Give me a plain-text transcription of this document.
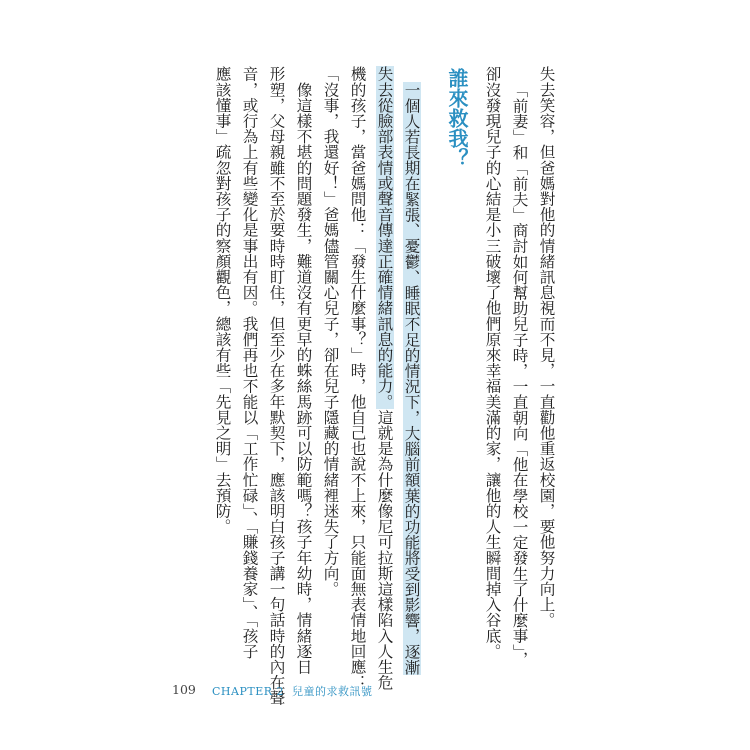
失去笑容，但爸媽對他的情緒訊息視而不見，一直勸他重返校園，要他努力向上。
「前妻」和「前夫」商討如何幫助兒子時，一直朝向「他在學校一定發生了什麼事」，
卻沒發現兒子的心結是小三破壞了他們原來幸福美滿的家，讓他的人生瞬間掉入谷底。
誰來救我？
一個人若長期在緊張、憂鬱、睡眠不足的情況下，大腦前額葉的功能將受到影響，逐漸
失去從臉部表情或聲音傳達正確情緒訊息的能力。這就是為什麼像尼可拉斯這樣陷入人生危
機的孩子，當爸媽問他：「發生什麼事？」時，他自己也說不上來，只能面無表情地回應：
「沒事，我還好！」爸媽儘管關心兒子，卻在兒子隱藏的情緒裡迷失了方向。
　像這樣不堪的問題發生，難道沒有更早的蛛絲馬跡可以防範嗎？孩子年幼時，情緒逐日
形塑，父母親雖不至於要時時盯住，但至少在多年默契下，應該明白孩子講一句話時的內在聲
音，或行為上有些變化是事出有因。我們再也不能以「工作忙碌」、「賺錢養家」、「孩子
應該懂事」疏忽對孩子的察顏觀色，總該有些「先見之明」去預防。
109 CHAPTER 2 兒童的求救訊號
